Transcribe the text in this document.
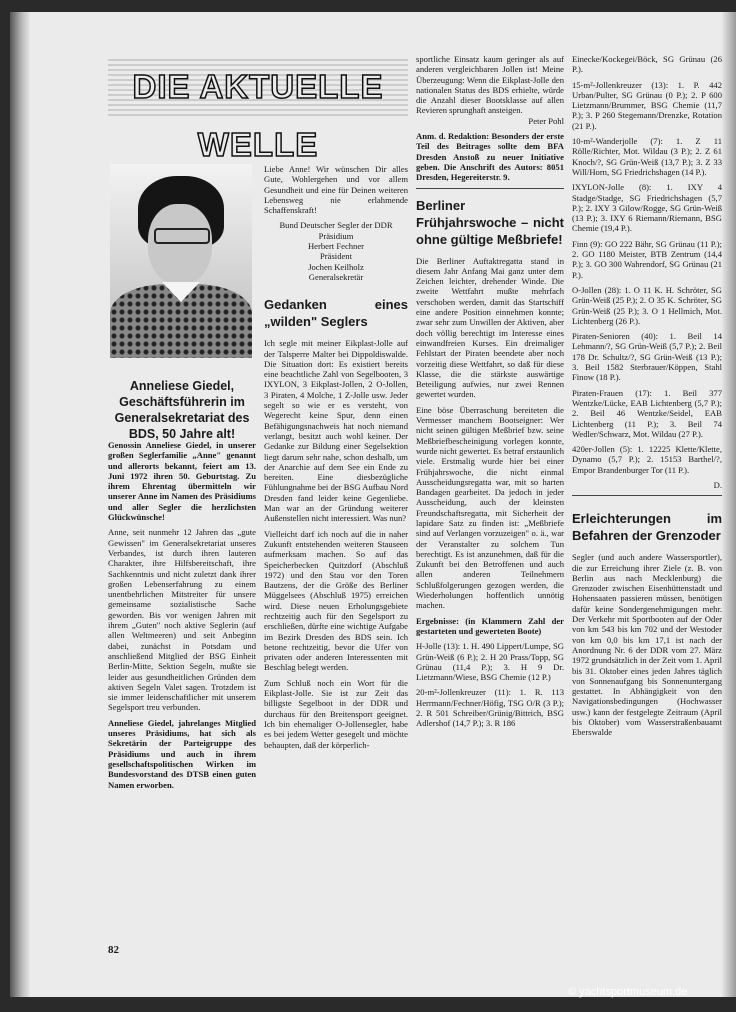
DIE AKTUELLE WELLE
Anneliese Giedel, Geschäftsführerin im Generalsekretariat des BDS, 50 Jahre alt!

Genossin Anneliese Giedel, in unserer großen Seglerfamilie „Anne" genannt und allerorts bekannt, feiert am 13. Juni 1972 ihren 50. Geburtstag. Zu ihrem Ehrentag übermitteln wir unserer Anne im Namen des Präsidiums und aller Segler die herzlichsten Glückwünsche!

Anne, seit nunmehr 12 Jahren das „gute Gewissen" im Generalsekretariat unseres Verbandes, ist durch ihren lauteren Charakter, ihre Hilfsbereitschaft, ihre Sachkenntnis und nicht zuletzt dank ihrer großen Lebenserfahrung zu einem unentbehrlichen Mitstreiter für unsere gemeinsame sozialistische Sache geworden. Bis vor wenigen Jahren mit ihrem „Guten" noch aktive Seglerin (auf allen Weltmeeren) und seit Anbeginn dabei, zunächst in Potsdam und anschließend Mitglied der BSG Einheit Berlin-Mitte, Sektion Segeln, mußte sie leider aus gesundheitlichen Gründen dem aktiven Segeln Valet sagen. Trotzdem ist sie immer leidenschaftlicher mit unserem Segelsport treu verbunden.

Anneliese Giedel, jahrelanges Mitglied unseres Präsidiums, hat sich als Sekretärin der Parteigruppe des Präsidiums und auch in ihrem gesellschaftspolitischen Wirken im Bundesvorstand des DTSB einen guten Namen erworben.

Liebe Anne! Wir wünschen Dir alles Gute, Wohlergehen und vor allem Gesundheit und eine für Deinen weiteren Lebensweg nie erlahmende Schaffenskraft!

Bund Deutscher Segler der DDR
Präsidium
Herbert Fechner
Präsident
Jochen Keilholz
Generalsekretär
Gedanken eines „wilden" Seglers

Ich segle mit meiner Eikplast-Jolle auf der Talsperre Malter bei Dippoldiswalde. Die Situation dort: Es existiert bereits eine beachtliche Zahl von Segelbooten, 3 IXYLON, 3 Eikplast-Jollen, 2 O-Jollen, 3 Piraten, 4 Molche, 1 Z-Jolle usw. Jeder segelt so wie er es versteht, von Wegerecht keine Spur, denn einen Befähigungsnachweis hat noch niemand verlangt, besitzt auch wohl keiner. Der Gedanke zur Bildung einer Segelsektion liegt darum sehr nahe, schon deshalb, um der Anarchie auf dem See ein Ende zu bereiten. Eine diesbezügliche Fühlungnahme bei der BSG Aufbau Nord Dresden fand leider keine Gegenliebe. Man war an der Gründung weiterer Außenstellen nicht interessiert. Was nun?

Vielleicht darf ich noch auf die in naher Zukunft entstehenden weiteren Stauseen aufmerksam machen. So auf das Speicherbecken Quitzdorf (Abschluß 1972) und den Stau vor den Toren Bautzens, der die Größe des Berliner Müggelsees (Abschluß 1975) erreichen wird. Diese neuen Erholungsgebiete rechtzeitig auch für den Segelsport zu erschließen, dürfte eine wichtige Aufgabe im Bezirk Dresden des BDS sein. Ich betone rechtzeitig, bevor die Ufer von privaten oder anderen Interessenten mit Beschlag belegt werden.

Zum Schluß noch ein Wort für die Eikplast-Jolle. Sie ist zur Zeit das billigste Segelboot in der DDR und durchaus für den Breitensport geeignet. Ich bin ehemaliger O-Jollensegler, habe es bei jedem Wetter gesegelt und möchte behaupten, daß der körperlich-

sportliche Einsatz kaum geringer als auf anderen vergleichbaren Jollen ist! Meine Überzeugung: Wenn die Eikplast-Jolle den nationalen Status des BDS erhielte, würde die Anzahl dieser Bootsklasse auf allen Revieren sprunghaft ansteigen.

Peter Pohl

Anm. d. Redaktion: Besonders der erste Teil des Beitrages sollte dem BFA Dresden Anstoß zu neuer Initiative geben. Die Anschrift des Autors: 8051 Dresden, Hegereiterstr. 9.

Berliner Frühjahrswoche – nicht ohne gültige Meßbriefe!

Die Berliner Auftaktregatta stand in diesem Jahr Anfang Mai ganz unter dem Zeichen leichter, drehender Winde. Die zweite Wettfahrt mußte mehrfach verschoben werden, damit das Startschiff eine andere Position einnehmen konnte; zwar sehr zum Unwillen der Aktiven, aber doch völlig berechtigt im Interesse eines einwandfreien Kurses. Ein dreimaliger Fehlstart der Piraten beendete aber noch vorzeitig diese Wettfahrt, so daß für diese Klasse, die die stärkste auswärtige Beteiligung aufwies, nur zwei Rennen gewertet wurden.

Eine böse Überraschung bereiteten die Vermesser manchem Bootseigner: Wer nicht seinen gültigen Meßbrief bzw. seine Meßbriefbescheinigung vorlegen konnte, wurde nicht gewertet. Es betraf erstaunlich viele. Erstmalig wurde hier bei einer Frühjahrswoche, die nicht einmal Ausscheidungsregatta war, mit so harten Bandagen gearbeitet. Da jedoch in jeder Ausscheidung, auch der kleinsten Freundschaftsregatta, mit Sicherheit der lapidare Satz zu finden ist: „Meßbriefe sind auf Verlangen vorzuzeigen" o. ä., war der Veranstalter zu solchem Tun berechtigt. Es ist anzunehmen, daß für die Zukunft bei den Betroffenen und auch allen anderen Teilnehmern Schlußfolgerungen gezogen werden, die Wiederholungen hoffentlich unnötig machen.

Ergebnisse: (in Klammern Zahl der gestarteten und gewerteten Boote)

H-Jolle (13): 1. H. 490 Lippert/Lumpe, SG Grün-Weiß (6 P.); 2. H 20 Prass/Topp, SG Grünau (11,4 P.); 3. H 9 Dr. Lietzmann/Wiese, BSG Chemie (12 P.)

20-m²-Jollenkreuzer (11): 1. R. 113 Herrmann/Fechner/Höfig, TSG O/R (3 P.); 2. R 501 Schreiber/Grünig/Bittrich, BSG Adlershof (14,7 P.); 3. R 186

Einecke/Kockegei/Böck, SG Grünau (26 P.).

15-m²-Jollenkreuzer (13): 1. P. 442 Urban/Pulter, SG Grünau (0 P.); 2. P 600 Lietzmann/Brummer, BSG Chemie (11,7 P.); 3. P 260 Stegemann/Drenzke, Rotation (21 P.).

10-m²-Wanderjolle (7): 1. Z 11 Rölle/Richter, Mot. Wildau (3 P.); 2. Z 61 Knoch/?, SG Grün-Weiß (13,7 P.); 3. Z 33 Will/Horn, SG Friedrichshagen (14 P.).

IXYLON-Jolle (8): 1. IXY 4 Stadge/Stadge, SG Friedrichshagen (5,7 P.); 2. IXY 3 Gilow/Rogge, SG Grün-Weiß (13 P.); 3. IXY 6 Riemann/Riemann, BSG Chemie (19,4 P.).

Finn (9): GO 222 Bähr, SG Grünau (11 P.); 2. GO 1180 Meister, BTB Zentrum (14,4 P.); 3. GO 300 Wahrendorf, SG Grünau (21 P.).

O-Jollen (28): 1. O 11 K. H. Schröter, SG Grün-Weiß (25 P.); 2. O 35 K. Schröter, SG Grün-Weiß (25 P.); 3. O 1 Hellmich, Mot. Lichtenberg (26 P.).

Piraten-Senioren (40): 1. Beil 14 Lehmann/?, SG Grün-Weiß (5,7 P.); 2. Beil 178 Dr. Schultz/?, SG Grün-Weiß (13 P.); 3. Beil 1582 Sterbrauer/Köppen, Stahl Finow (18 P.).

Piraten-Frauen (17): 1. Beil 377 Wentzke/Lücke, EAB Lichtenberg (5,7 P.); 2. Beil 46 Wentzke/Seidel, EAB Lichtenberg (11 P.); 3. Beil 74 Wedler/Schwarz, Mot. Wildau (27 P.).

420er-Jollen (5): 1. 12225 Klette/Klette, Dynamo (5,7 P.); 2. 15153 Barthel/?, Empor Brandenburger Tor (11 P.).

D.

Erleichterungen im Befahren der Grenzoder

Segler (und auch andere Wassersportler), die zur Erreichung ihrer Ziele (z. B. von Berlin aus nach Mecklenburg) die Grenzoder zwischen Eisenhüttenstadt und Hohensaaten passieren müssen, benötigen dafür keine Sondergenehmigungen mehr. Der Verkehr mit Sportbooten auf der Oder von km 543 bis km 702 und der Westoder von km 0,0 bis km 17,1 ist nach der Anordnung Nr. 6 der DDR vom 27. März 1972 grundsätzlich in der Zeit vom 1. April bis 31. Oktober eines jeden Jahres täglich von Sonnenaufgang bis Sonnenuntergang gestattet. In Abhängigkeit von den Navigationsbedingungen (Hochwasser usw.) kann der festgelegte Zeitraum (April bis Oktober) vom Wasserstraßenbauamt Eberswalde

82
© yachtsportmuseum.de
